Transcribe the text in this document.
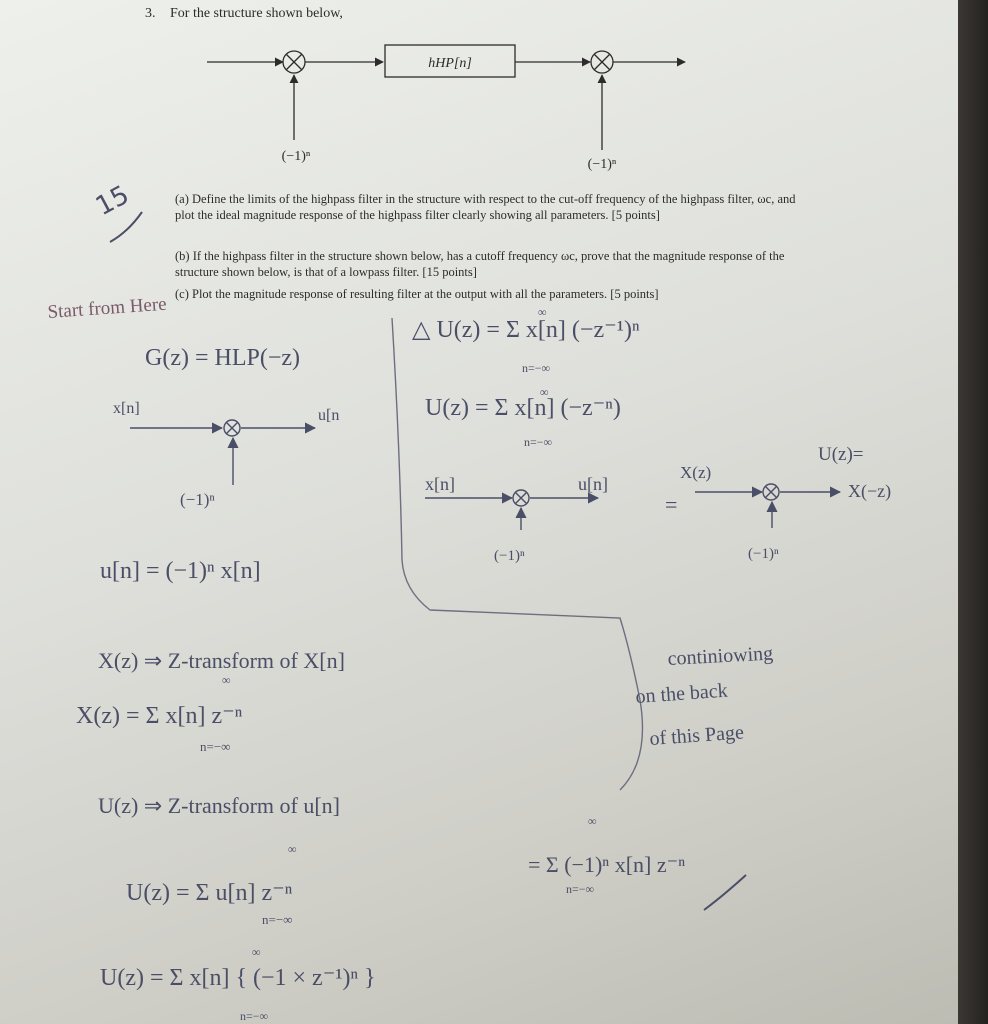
3. For the structure shown below,
hHP[n]
(−1)ⁿ
(−1)ⁿ
15	(a) Define the limits of the highpass filter in the structure with respect to the cut-off frequency of the highpass filter, ωc, and plot the ideal magnitude response of the highpass filter clearly showing all parameters. [5 points]
(b) If the highpass filter in the structure shown below, has a cutoff frequency ωc, prove that the magnitude response of the structure shown below, is that of a lowpass filter. [15 points]
(c) Plot the magnitude response of resulting filter at the output with all the parameters. [5 points]
Start from Here
G(z) = HLP(−z)
x[n]	u[n
(−1)ⁿ
u[n] = (−1)ⁿ x[n]
△ U(z) = Σ x[n] (−z⁻¹)ⁿ
∞
n=−∞
U(z) = Σ x[n] (−z⁻ⁿ)
∞
n=−∞
x[n]	u[n]
(−1)ⁿ
=
U(z)=
X(z)
X(−z)
(−1)ⁿ
X(z) ⇒ Z-transform of X[n]
X(z) = Σ x[n] z⁻ⁿ
∞
n=−∞
continiowing
on the back
of this Page
U(z) ⇒ Z-transform of u[n]
U(z) = Σ u[n] z⁻ⁿ
∞
n=−∞
= Σ (−1)ⁿ x[n] z⁻ⁿ
∞
n=−∞
U(z) = Σ x[n] { (−1 × z⁻¹)ⁿ }
∞
n=−∞
